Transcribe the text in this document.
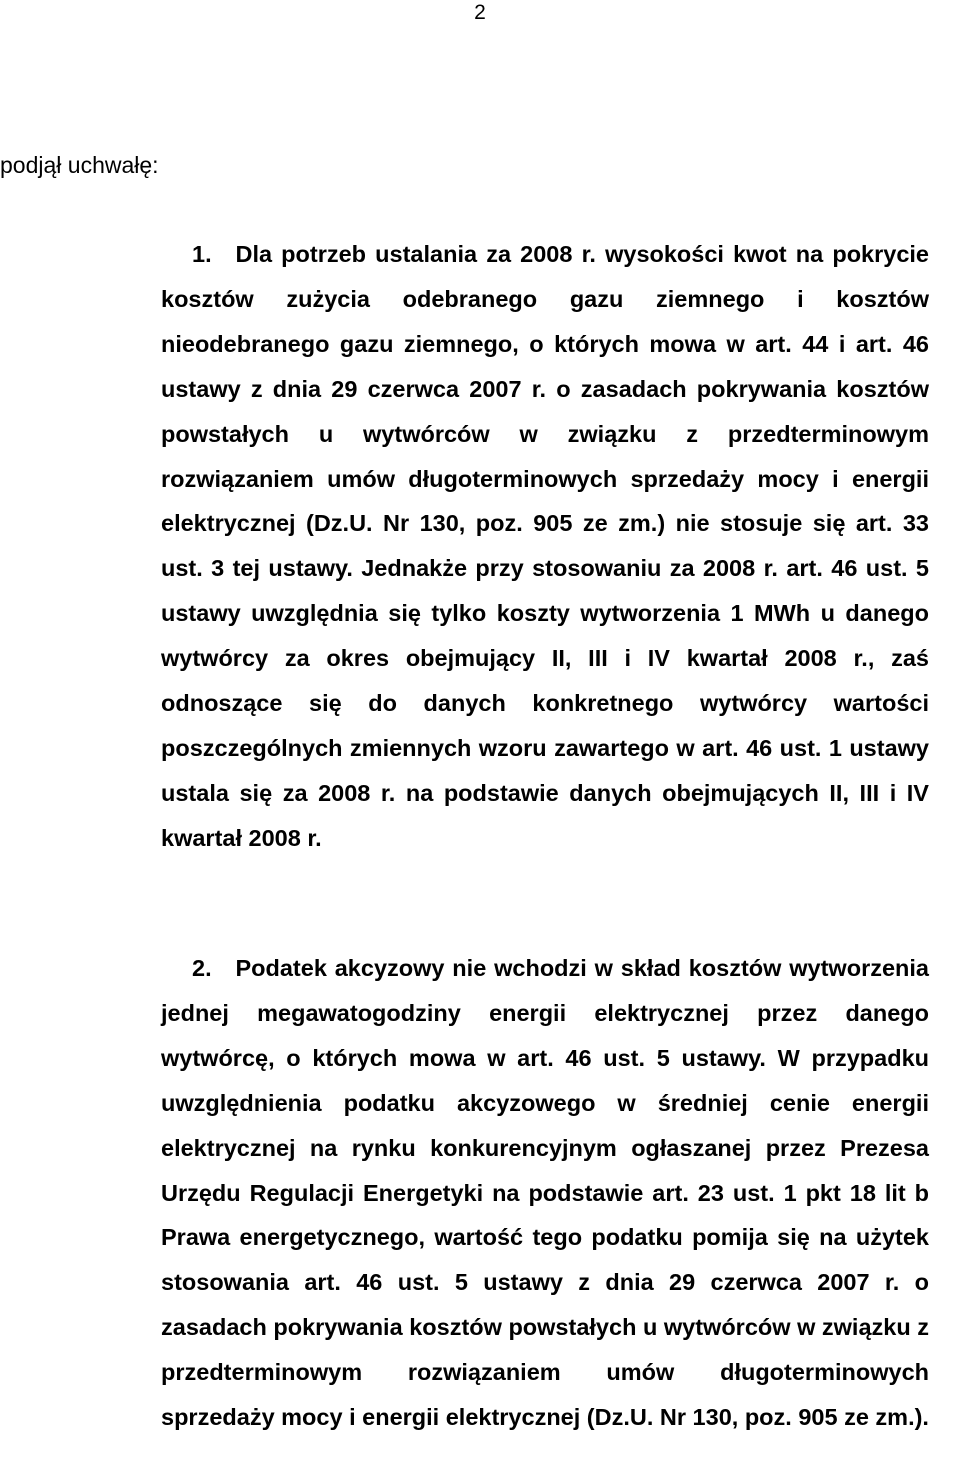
2
podjął uchwałę:
1. Dla potrzeb ustalania za 2008 r. wysokości kwot na pokrycie kosztów zużycia odebranego gazu ziemnego i kosztów nieodebranego gazu ziemnego, o których mowa w art. 44 i art. 46 ustawy z dnia 29 czerwca 2007 r. o zasadach pokrywania kosztów powstałych u wytwórców w związku z przedterminowym rozwiązaniem umów długoterminowych sprzedaży mocy i energii elektrycznej (Dz.U. Nr 130, poz. 905 ze zm.) nie stosuje się art. 33 ust. 3 tej ustawy. Jednakże przy stosowaniu za 2008 r. art. 46 ust. 5 ustawy uwzględnia się tylko koszty wytworzenia 1 MWh u danego wytwórcy za okres obejmujący II, III i IV kwartał 2008 r., zaś odnoszące się do danych konkretnego wytwórcy wartości poszczególnych zmiennych wzoru zawartego w art. 46 ust. 1 ustawy ustala się za 2008 r. na podstawie danych obejmujących II, III i IV kwartał 2008 r.
2. Podatek akcyzowy nie wchodzi w skład kosztów wytworzenia jednej megawatogodziny energii elektrycznej przez danego wytwórcę, o których mowa w art. 46 ust. 5 ustawy. W przypadku uwzględnienia podatku akcyzowego w średniej cenie energii elektrycznej na rynku konkurencyjnym ogłaszanej przez Prezesa Urzędu Regulacji Energetyki na podstawie art. 23 ust. 1 pkt 18 lit b Prawa energetycznego, wartość tego podatku pomija się na użytek stosowania art. 46 ust. 5 ustawy z dnia 29 czerwca 2007 r. o zasadach pokrywania kosztów powstałych u wytwórców w związku z przedterminowym rozwiązaniem umów długoterminowych sprzedaży mocy i energii elektrycznej (Dz.U. Nr 130, poz. 905 ze zm.).
